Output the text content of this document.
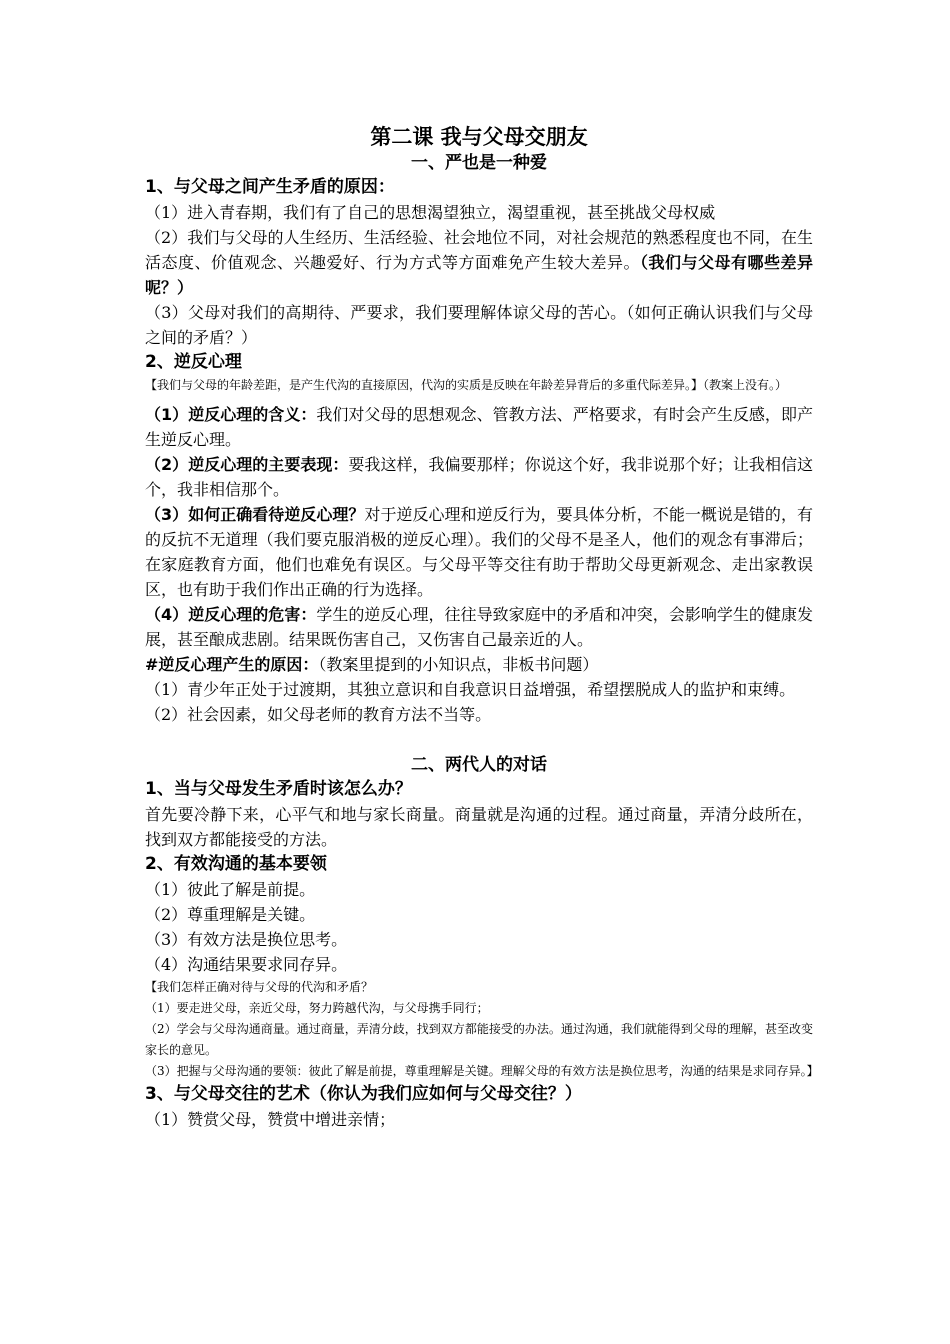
第二课 我与父母交朋友
一、严也是一种爱
1、与父母之间产生矛盾的原因：
（1）进入青春期，我们有了自己的思想渴望独立，渴望重视，甚至挑战父母权威
（2）我们与父母的人生经历、生活经验、社会地位不同，对社会规范的熟悉程度也不同，在生活态度、价值观念、兴趣爱好、行为方式等方面难免产生较大差异。（我们与父母有哪些差异呢？）
（3）父母对我们的高期待、严要求，我们要理解体谅父母的苦心。（如何正确认识我们与父母之间的矛盾？）
2、逆反心理
【我们与父母的年龄差距，是产生代沟的直接原因，代沟的实质是反映在年龄差异背后的多重代际差异。】（教案上没有。）
（1）逆反心理的含义：我们对父母的思想观念、管教方法、严格要求，有时会产生反感，即产生逆反心理。
（2）逆反心理的主要表现：要我这样，我偏要那样；你说这个好，我非说那个好；让我相信这个，我非相信那个。
（3）如何正确看待逆反心理？对于逆反心理和逆反行为，要具体分析，不能一概说是错的，有的反抗不无道理（我们要克服消极的逆反心理）。我们的父母不是圣人，他们的观念有事滞后；在家庭教育方面，他们也难免有误区。与父母平等交往有助于帮助父母更新观念、走出家教误区，也有助于我们作出正确的行为选择。
（4）逆反心理的危害：学生的逆反心理，往往导致家庭中的矛盾和冲突，会影响学生的健康发展，甚至酿成悲剧。结果既伤害自己，又伤害自己最亲近的人。
#逆反心理产生的原因：（教案里提到的小知识点，非板书问题）
（1）青少年正处于过渡期，其独立意识和自我意识日益增强，希望摆脱成人的监护和束缚。
（2）社会因素，如父母老师的教育方法不当等。
二、两代人的对话
1、当与父母发生矛盾时该怎么办？
首先要冷静下来，心平气和地与家长商量。商量就是沟通的过程。通过商量，弄清分歧所在，找到双方都能接受的方法。
2、有效沟通的基本要领
（1）彼此了解是前提。
（2）尊重理解是关键。
（3）有效方法是换位思考。
（4）沟通结果要求同存异。
【我们怎样正确对待与父母的代沟和矛盾？
（1）要走进父母，亲近父母，努力跨越代沟，与父母携手同行；
（2）学会与父母沟通商量。通过商量，弄清分歧，找到双方都能接受的办法。通过沟通，我们就能得到父母的理解，甚至改变家长的意见。
（3）把握与父母沟通的要领：彼此了解是前提，尊重理解是关键。理解父母的有效方法是换位思考，沟通的结果是求同存异。】
3、与父母交往的艺术（你认为我们应如何与父母交往？）
（1）赞赏父母，赞赏中增进亲情；
